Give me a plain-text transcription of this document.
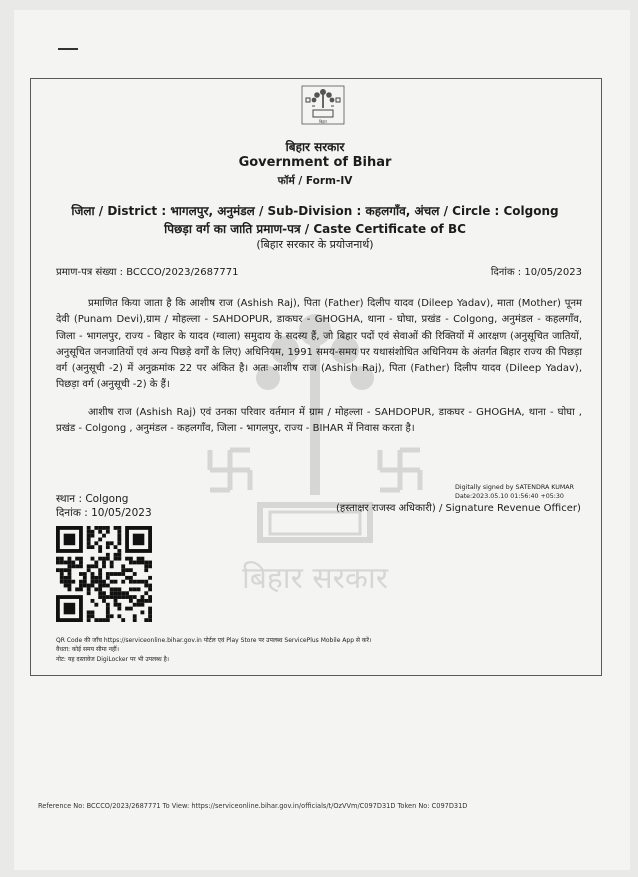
बिहार
बिहार सरकार
Government of Bihar
फॉर्म / Form-IV
जिला / District : भागलपुर, अनुमंडल / Sub-Division : कहलगाँव, अंचल / Circle : Colgong
पिछड़ा वर्ग का जाति प्रमाण-पत्र / Caste Certificate of BC
(बिहार सरकार के प्रयोजनार्थ)
प्रमाण-पत्र संख्या : BCCCO/2023/2687771	दिनांक : 10/05/2023
बिहार सरकार
प्रमाणित किया जाता है कि आशीष राज (Ashish Raj), पिता (Father) दिलीप यादव (Dileep Yadav), माता (Mother) पूनम देवी (Punam Devi),ग्राम / मोहल्ला - SAHDOPUR, डाकघर - GHOGHA, थाना - घोघा, प्रखंड - Colgong, अनुमंडल - कहलगाँव, जिला - भागलपुर, राज्य - बिहार के यादव (ग्वाला) समुदाय के सदस्य हैं, जो बिहार पदों एवं सेवाओं की रिक्तियों में आरक्षण (अनुसूचित जातियों, अनुसूचित जनजातियों एवं अन्य पिछड़े वर्गों के लिए) अधिनियम, 1991 समय-समय पर यथासंशोधित अधिनियम के अंतर्गत बिहार राज्य की पिछड़ा वर्ग (अनुसूची -2) में अनुक्रमांक 22 पर अंकित है। अतः आशीष राज (Ashish Raj), पिता (Father) दिलीप यादव (Dileep Yadav), पिछड़ा वर्ग (अनुसूची -2) के हैं।
आशीष राज (Ashish Raj) एवं उनका परिवार वर्तमान में ग्राम / मोहल्ला - SAHDOPUR, डाकघर - GHOGHA, थाना - घोघा , प्रखंड - Colgong , अनुमंडल - कहलगाँव, जिला - भागलपुर, राज्य - BIHAR में निवास करता है।
Digitally signed by SATENDRA KUMAR
Date:2023.05.10 01:56:40 +05:30
स्थान : Colgong
दिनांक : 10/05/2023	(हस्ताक्षर राजस्व अधिकारी) / Signature Revenue Officer)
QR Code की जाँच https://serviceonline.bihar.gov.in पोर्टल एवं Play Store पर उपलब्ध ServicePlus Mobile App से करें।
वैधता: कोई समय सीमा नहीं।
नोट: यह दस्तावेज DigiLocker पर भी उपलब्ध है।
Reference No: BCCCO/2023/2687771 To View: https://serviceonline.bihar.gov.in/officials/t/OzVVm/C097D31D Token No: C097D31D
